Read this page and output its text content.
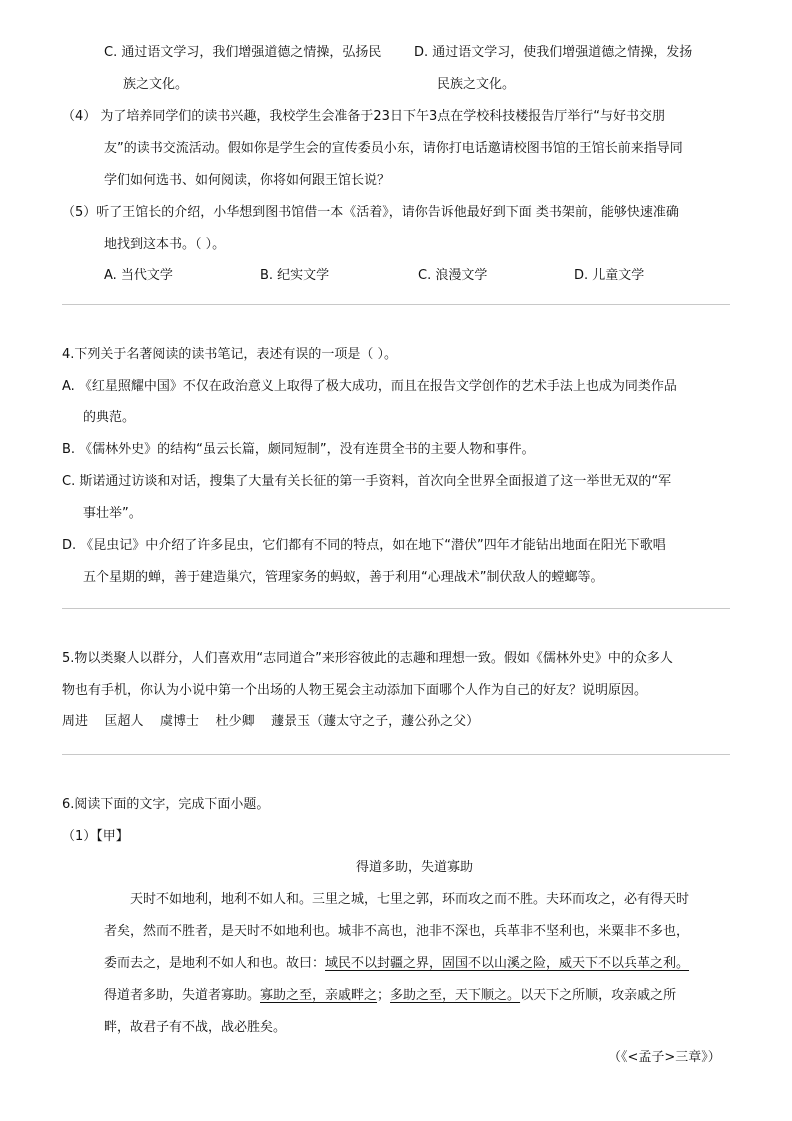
C. 通过语文学习，我们增强道德之情操，弘扬民	D. 通过语文学习，使我们增强道德之情操，发扬
族之文化。	民族之文化。
（4） 为了培养同学们的读书兴趣，我校学生会准备于23日下午3点在学校科技楼报告厅举行“与好书交朋
友”的读书交流活动。假如你是学生会的宣传委员小东，请你打电话邀请校图书馆的王馆长前来指导同
学们如何选书、如何阅读，你将如何跟王馆长说？
（5）听了王馆长的介绍，小华想到图书馆借一本《活着》，请你告诉他最好到下面 类书架前，能够快速准确
地找到这本书。（ ）。
A. 当代文学	B. 纪实文学	C. 浪漫文学	D. 儿童文学
4.下列关于名著阅读的读书笔记，表述有误的一项是（ ）。
A. 《红星照耀中国》不仅在政治意义上取得了极大成功，而且在报告文学创作的艺术手法上也成为同类作品
的典范。
B. 《儒林外史》的结构“虽云长篇，颇同短制”，没有连贯全书的主要人物和事件。
C. 斯诺通过访谈和对话，搜集了大量有关长征的第一手资料，首次向全世界全面报道了这一举世无双的“军
事壮举”。
D. 《昆虫记》中介绍了许多昆虫，它们都有不同的特点，如在地下“潜伏”四年才能钻出地面在阳光下歌唱
五个星期的蝉，善于建造巢穴，管理家务的蚂蚁，善于利用“心理战术”制伏敌人的螳螂等。
5.物以类聚人以群分，人们喜欢用“志同道合”来形容彼此的志趣和理想一致。假如《儒林外史》中的众多人
物也有手机，你认为小说中第一个出场的人物王冕会主动添加下面哪个人作为自己的好友？说明原因。
周进    匡超人    虞博士    杜少卿    蘧景玉（蘧太守之子，蘧公孙之父）
6.阅读下面的文字，完成下面小题。
（1）【甲】
得道多助，失道寡助
天时不如地利，地利不如人和。三里之城，七里之郭，环而攻之而不胜。夫环而攻之，必有得天时
者矣，然而不胜者，是天时不如地利也。城非不高也，池非不深也，兵革非不坚利也，米粟非不多也，
委而去之，是地利不如人和也。故曰：域民不以封疆之界，固国不以山溪之险，威天下不以兵革之利。
得道者多助，失道者寡助。寡助之至，亲戚畔之；多助之至，天下顺之。以天下之所顺，攻亲戚之所
畔，故君子有不战，战必胜矣。
（《<孟子>三章》）
